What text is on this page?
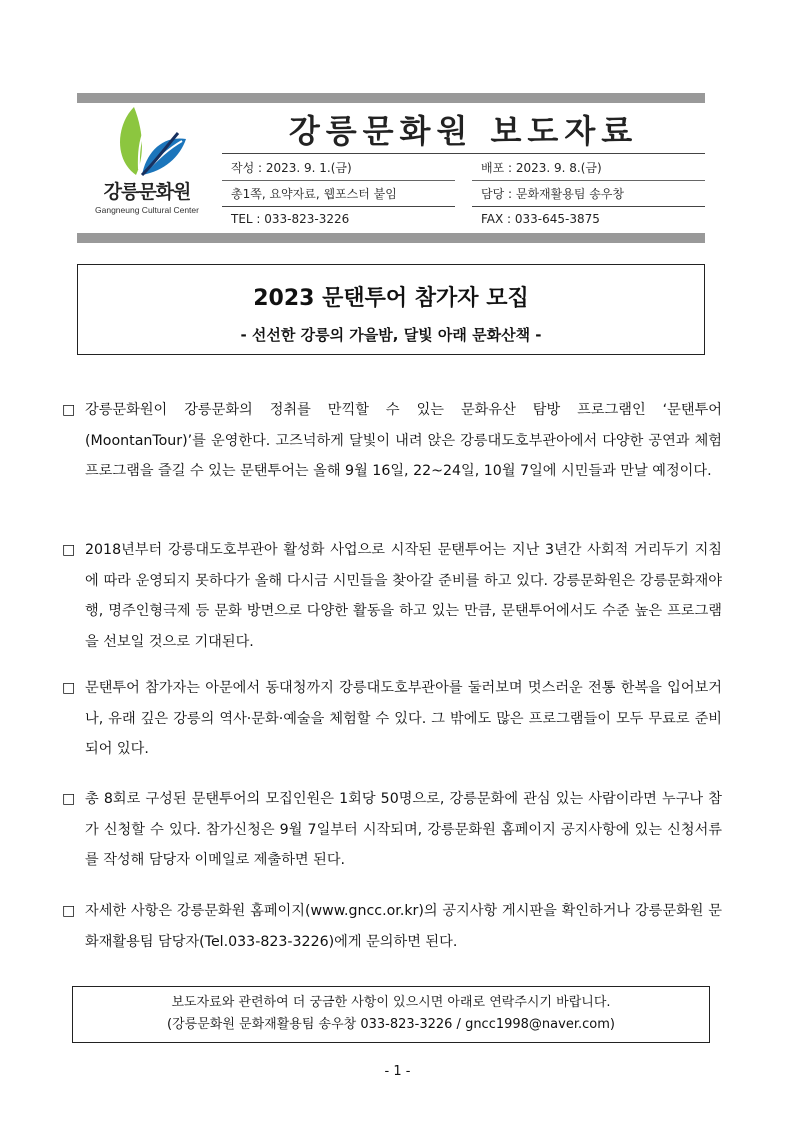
강릉문화원
Gangneung Cultural Center
강릉문화원 보도자료
작성 : 2023. 9. 1.(금)	배포 : 2023. 9. 8.(금)
총1쪽, 요약자료, 웹포스터 붙임	담당 : 문화재활용팀 송우창
TEL : 033-823-3226	FAX : 033-645-3875
2023 문탠투어 참가자 모집
- 선선한 강릉의 가을밤, 달빛 아래 문화산책 -
□ 강릉문화원이 강릉문화의 정취를 만끽할 수 있는 문화유산 탐방 프로그램인 ‘문탠투어(MoontanTour)’를 운영한다. 고즈넉하게 달빛이 내려 앉은 강릉대도호부관아에서 다양한 공연과 체험 프로그램을 즐길 수 있는 문탠투어는 올해 9월 16일, 22~24일, 10월 7일에 시민들과 만날 예정이다.
□ 2018년부터 강릉대도호부관아 활성화 사업으로 시작된 문탠투어는 지난 3년간 사회적 거리두기 지침에 따라 운영되지 못하다가 올해 다시금 시민들을 찾아갈 준비를 하고 있다. 강릉문화원은 강릉문화재야행, 명주인형극제 등 문화 방면으로 다양한 활동을 하고 있는 만큼, 문탠투어에서도 수준 높은 프로그램을 선보일 것으로 기대된다.
□ 문탠투어 참가자는 아문에서 동대청까지 강릉대도호부관아를 둘러보며 멋스러운 전통 한복을 입어보거나, 유래 깊은 강릉의 역사·문화·예술을 체험할 수 있다. 그 밖에도 많은 프로그램들이 모두 무료로 준비되어 있다.
□ 총 8회로 구성된 문탠투어의 모집인원은 1회당 50명으로, 강릉문화에 관심 있는 사람이라면 누구나 참가 신청할 수 있다. 참가신청은 9월 7일부터 시작되며, 강릉문화원 홈페이지 공지사항에 있는 신청서류를 작성해 담당자 이메일로 제출하면 된다.
□ 자세한 사항은 강릉문화원 홈페이지(www.gncc.or.kr)의 공지사항 게시판을 확인하거나 강릉문화원 문화재활용팀 담당자(Tel.033-823-3226)에게 문의하면 된다.
보도자료와 관련하여 더 궁금한 사항이 있으시면 아래로 연락주시기 바랍니다.
(강릉문화원 문화재활용팀 송우창 033-823-3226 / gncc1998@naver.com)
- 1 -
